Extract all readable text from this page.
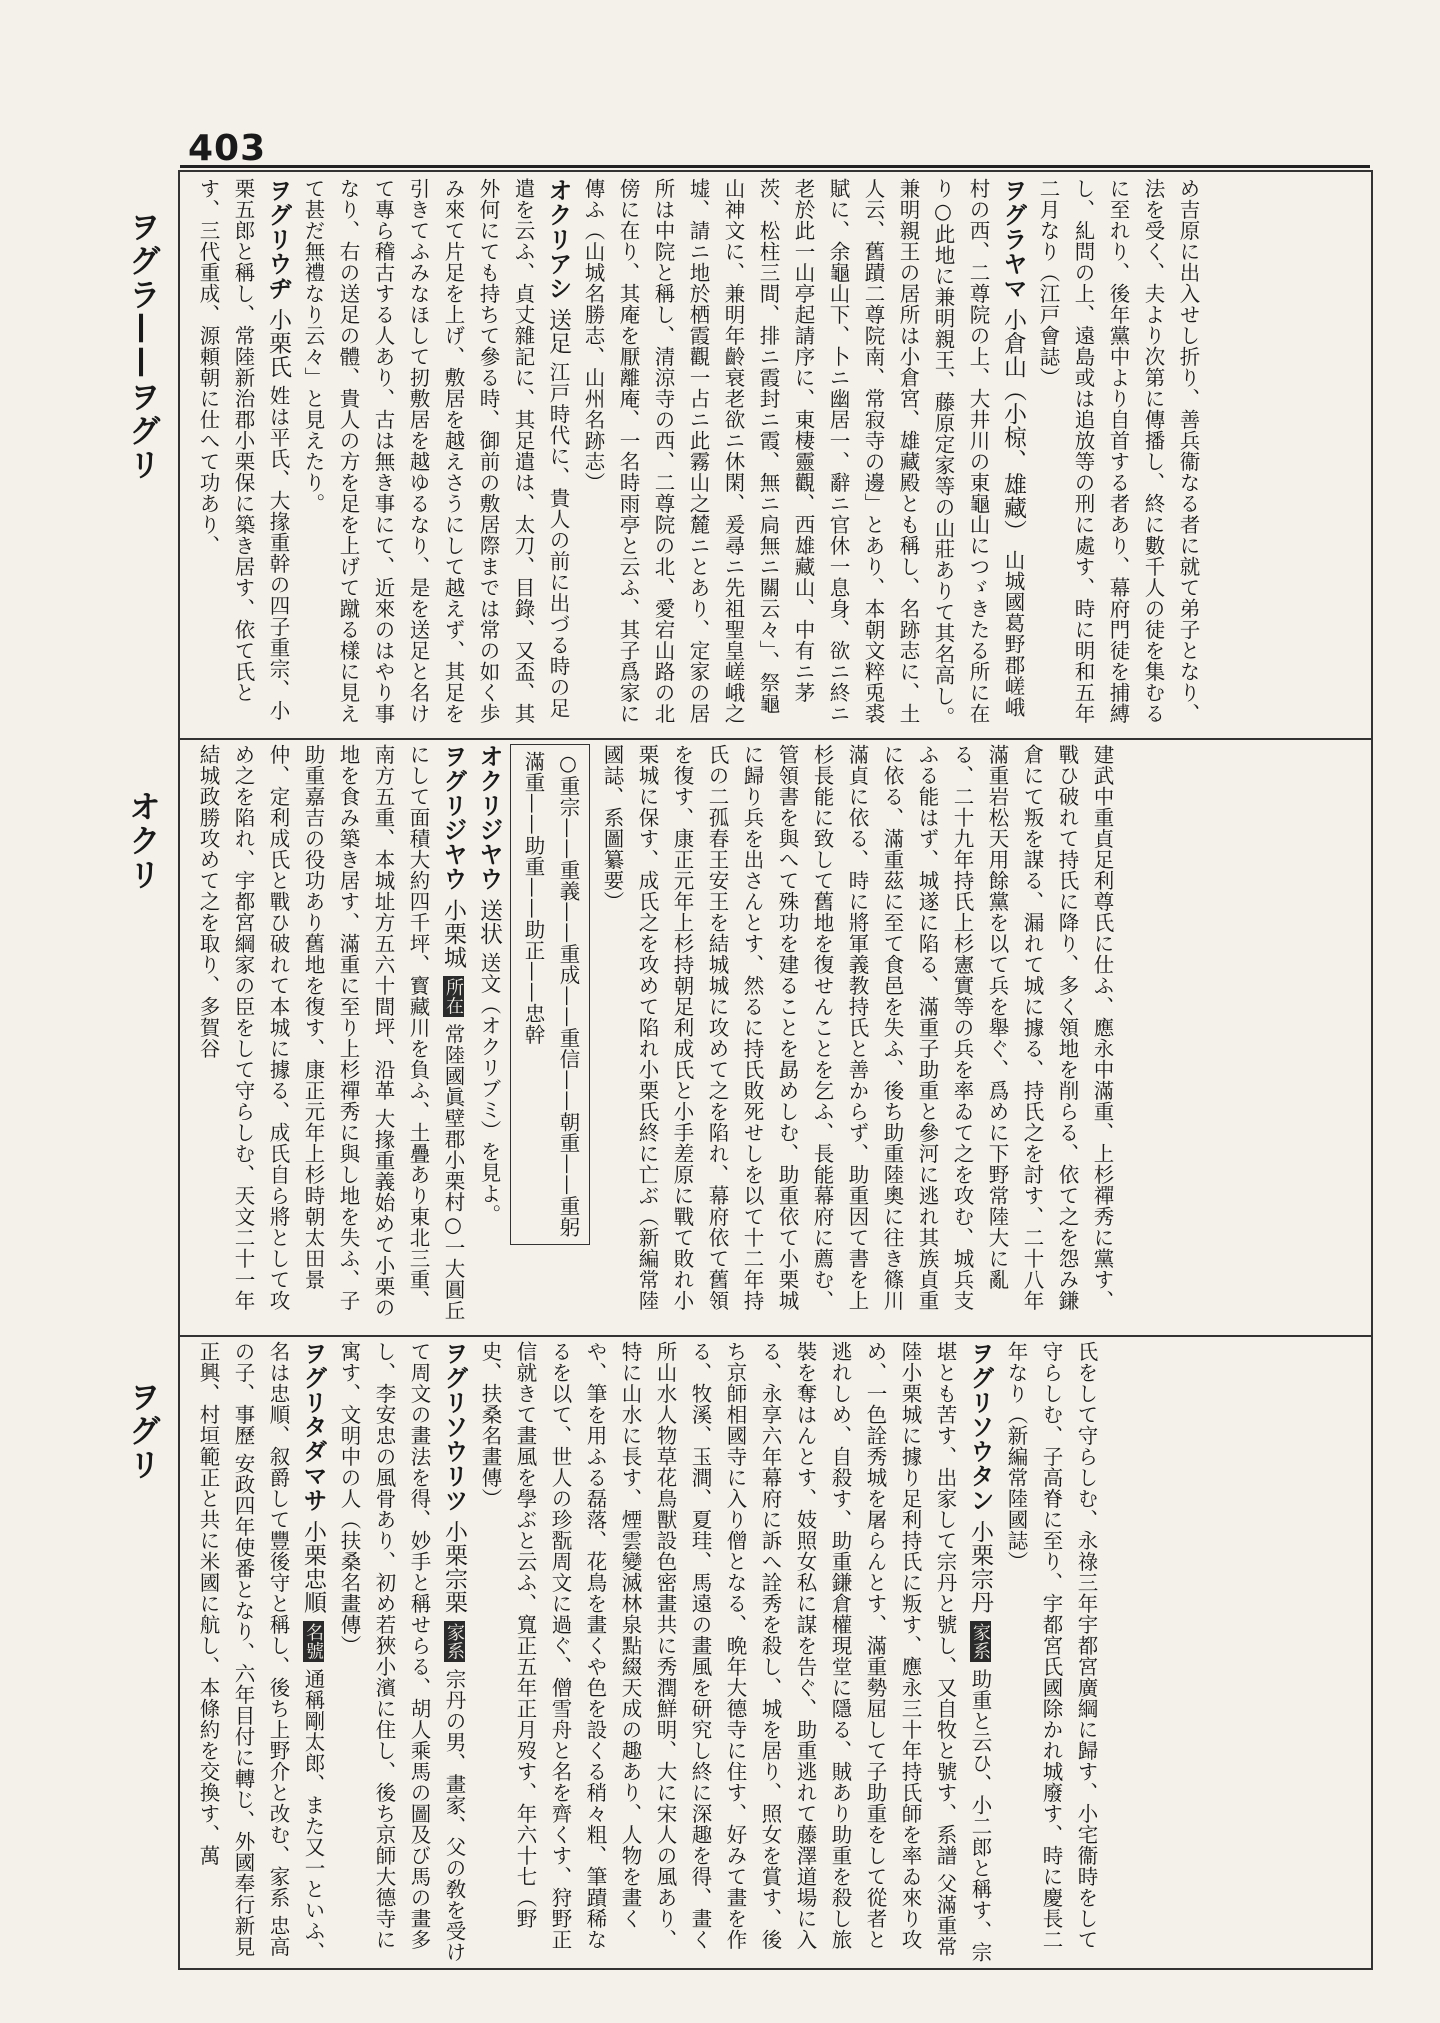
403
ヲグラ——ヲグリ
オクリ
ヲグリ
め吉原に出入せし折り、善兵衞なる者に就て弟子となり、法を受く、夫より次第に傳播し、終に數千人の徒を集むるに至れり、後年黨中より自首する者あり、幕府門徒を捕縛し、糺問の上、遠島或は追放等の刑に處す、時に明和五年二月なり（江戸會誌）
ヲグラヤマ 小倉山（小椋、雄藏） 山城國葛野郡嵯峨村の西、二尊院の上、大井川の東龜山につゞきたる所に在り○此地に兼明親王、藤原定家等の山莊ありて其名高し。兼明親王の居所は小倉宮、雄藏殿とも稱し、名跡志に、土人云、舊蹟二尊院南、常寂寺の邊」とあり、本朝文粹兎裘賦に、余龜山下、卜ニ幽居一、辭ニ官休一息身、欲ニ終ニ老於此一山亭起請序に、東棲靈觀、西雄藏山、中有ニ茅茨、松柱三間、排ニ霞封ニ霞、無ニ扃無ニ關云々」、祭龜山神文に、兼明年齡衰老欲ニ休閑、爰尋ニ先祖聖皇嵯峨之墟、請ニ地於栖霞觀一占ニ此霧山之麓ニとあり、定家の居所は中院と稱し、清涼寺の西、二尊院の北、愛宕山路の北傍に在り、其庵を厭離庵、一名時雨亭と云ふ、其子爲家に傳ふ（山城名勝志、山州名跡志）
オクリアシ 送足 江戸時代に、貴人の前に出づる時の足遣を云ふ、貞丈雜記に、其足遣は、太刀、目錄、又盃、其外何にても持ちて參る時、御前の敷居際までは常の如く歩み來て片足を上げ、敷居を越えさうにして越えず、其足を引きてふみなほして扨敷居を越ゆるなり、是を送足と名けて專ら稽古する人あり、古は無き事にて、近來のはやり事なり、右の送足の體、貴人の方を足を上げて蹴る樣に見えて甚だ無禮なり云々」と見えたり。
ヲグリウヂ 小栗氏 姓は平氏、大掾重幹の四子重宗、小栗五郎と稱し、常陸新治郡小栗保に築き居す、依て氏とす、三代重成、源頼朝に仕へて功あり、
建武中重貞足利尊氏に仕ふ、應永中滿重、上杉禪秀に黨す、戰ひ破れて持氏に降り、多く領地を削らる、依て之を怨み鎌倉にて叛を謀る、漏れて城に據る、持氏之を討す、二十八年滿重岩松天用餘黨を以て兵を舉ぐ、爲めに下野常陸大に亂る、二十九年持氏上杉憲實等の兵を率ゐて之を攻む、城兵支ふる能はず、城遂に陷る、滿重子助重と參河に逃れ其族貞重に依る、滿重茲に至て食邑を失ふ、後ち助重陸奧に往き篠川滿貞に依る、時に將軍義教持氏と善からず、助重因て書を上杉長能に致して舊地を復せんことを乞ふ、長能幕府に薦む、管領書を與へて殊功を建ることを勗めしむ、助重依て小栗城に歸り兵を出さんとす、然るに持氏敗死せしを以て十二年持氏の二孤春王安王を結城城に攻めて之を陷れ、幕府依て舊領を復す、康正元年上杉持朝足利成氏と小手差原に戰て敗れ小栗城に保す、成氏之を攻めて陷れ小栗氏終に亡ぶ（新編常陸國誌、系圖纂要）
○重宗——重義——重成——重信——朝重——重躬
滿重——助重——助正——忠幹
オクリジヤウ 送状 送文（オクリブミ）を見よ。
ヲグリジヤウ 小栗城 所在 常陸國眞壁郡小栗村○一大圓丘にして面積大約四千坪、寳藏川を負ふ、土疊あり東北三重、南方五重、本城址方五六十間坪、沿革 大掾重義始めて小栗の地を食み築き居す、滿重に至り上杉禪秀に與し地を失ふ、子助重嘉吉の役功あり舊地を復す、康正元年上杉時朝太田景仲、定利成氏と戰ひ破れて本城に據る、成氏自ら將として攻め之を陷れ、宇都宮綱家の臣をして守らしむ、天文二十一年結城政勝攻めて之を取り、多賀谷
氏をして守らしむ、永祿三年宇都宮廣綱に歸す、小宅衞時をして守らしむ、子高脊に至り、宇都宮氏國除かれ城廢す、時に慶長二年なり（新編常陸國誌）
ヲグリソウタン 小栗宗丹 家系 助重と云ひ、小二郎と稱す、宗堪とも苦す、出家して宗丹と號し、又自牧と號す、系譜 父滿重常陸小栗城に據り足利持氏に叛す、應永三十年持氏師を率ゐ來り攻め、一色詮秀城を屠らんとす、滿重勢屈して子助重をして從者と逃れしめ、自殺す、助重鎌倉權現堂に隱る、賊あり助重を殺し旅裝を奪はんとす、妓照女私に謀を告ぐ、助重逃れて藤澤道場に入る、永享六年幕府に訴へ詮秀を殺し、城を居り、照女を賞す、後ち京師相國寺に入り僧となる、晩年大德寺に住す、好みて畫を作る、牧溪、玉澗、夏珪、馬遠の畫風を研究し終に深趣を得、畫く所山水人物草花鳥獸設色密畫共に秀潤鮮明、大に宋人の風あり、特に山水に長す、煙雲變滅林泉點綴天成の趣あり、人物を畫くや、筆を用ふる磊落、花鳥を畫くや色を設くる稍々粗、筆蹟稀なるを以て、世人の珍翫周文に過ぐ、僧雪舟と名を齊くす、狩野正信就きて畫風を學ぶと云ふ、寬正五年正月歿す、年六十七（野史、扶桑名畫傳）
ヲグリソウリツ 小栗宗栗 家系 宗丹の男、畫家、父の敎を受けて周文の畫法を得、妙手と稱せらる、胡人乘馬の圖及び馬の畫多し、李安忠の風骨あり、初め若狹小濱に住し、後ち京師大德寺に寓す、文明中の人（扶桑名畫傳）
ヲグリタダマサ 小栗忠順 名號 通稱剛太郎、また又一といふ、名は忠順、叙爵して豐後守と稱し、後ち上野介と改む、家系 忠高の子、事歷 安政四年使番となり、六年目付に轉じ、外國奉行新見正興、村垣範正と共に米國に航し、本條約を交換す、萬
